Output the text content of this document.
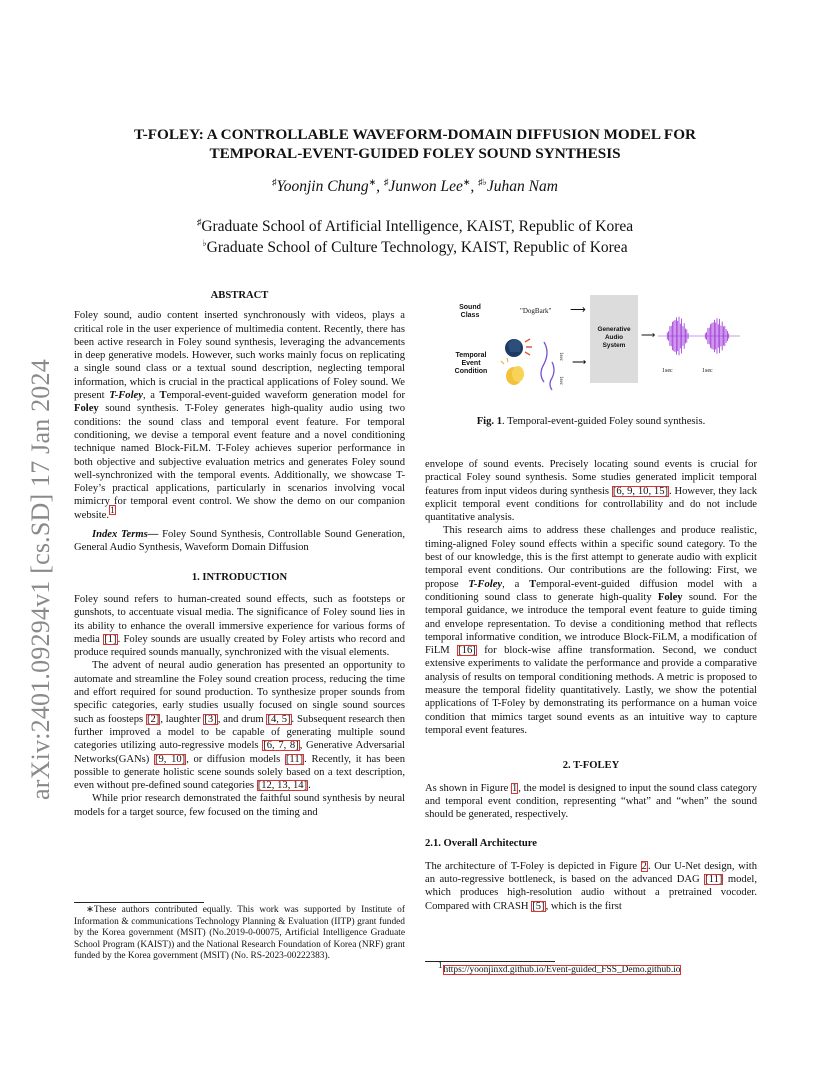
arXiv:2401.09294v1 [cs.SD] 17 Jan 2024
T-FOLEY: A CONTROLLABLE WAVEFORM-DOMAIN DIFFUSION MODEL FOR
TEMPORAL-EVENT-GUIDED FOLEY SOUND SYNTHESIS
♯Yoonjin Chung∗, ♯Junwon Lee∗, ♯♭Juhan Nam
♯Graduate School of Artificial Intelligence, KAIST, Republic of Korea
♭Graduate School of Culture Technology, KAIST, Republic of Korea

ABSTRACT

Foley sound, audio content inserted synchronously with videos, plays a critical role in the user experience of multimedia content. Recently, there has been active research in Foley sound synthesis, leveraging the advancements in deep generative models. However, such works mainly focus on replicating a single sound class or a textual sound description, neglecting temporal information, which is crucial in the practical applications of Foley sound. We present T-Foley, a Temporal-event-guided waveform generation model for Foley sound synthesis. T-Foley generates high-quality audio using two conditions: the sound class and temporal event feature. For temporal conditioning, we devise a temporal event feature and a novel conditioning technique named Block-FiLM. T-Foley achieves superior performance in both objective and subjective evaluation metrics and generates Foley sound well-synchronized with the temporal events. Additionally, we showcase T-Foley’s practical applications, particularly in scenarios involving vocal mimicry for temporal event control. We show the demo on our companion website.$^1$

Index Terms— Foley Sound Synthesis, Controllable Sound Generation, General Audio Synthesis, Waveform Domain Diffusion

1. INTRODUCTION

Foley sound refers to human-created sound effects, such as footsteps or gunshots, to accentuate visual media. The significance of Foley sound lies in its ability to enhance the overall immersive experience for various forms of media [1]. Foley sounds are usually created by Foley artists who record and produce required sounds manually, synchronized with the visual elements.

The advent of neural audio generation has presented an opportunity to automate and streamline the Foley sound creation process, reducing the time and effort required for sound production. To synthesize proper sounds from specific categories, early studies usually focused on single sound sources such as foosteps [2], laughter [3], and drum [4, 5]. Subsequent research then further improved a model to be capable of generating multiple sound categories utilizing auto-regressive models [6, 7, 8], Generative Adversarial Networks(GANs) [9, 10], or diffusion models [11]. Recently, it has been possible to generate holistic scene sounds solely based on a text description, even without pre-defined sound categories [12, 13, 14].

While prior research demonstrated the faithful sound synthesis by neural models for a target source, few focused on the timing and

∗These authors contributed equally. This work was supported by Institute of Information & communications Technology Planning & Evaluation (IITP) grant funded by the Korea government (MSIT) (No.2019-0-00075, Artificial Intelligence Graduate School Program (KAIST)) and the National Research Foundation of Korea (NRF) grant funded by the Korea government (MSIT) (No. RS-2023-00222383).
Sound
Class
"DogBark" ⟶
Temporal
Event
Condition
1sec
1sec
⟶
Generative
Audio
System
⟶
1sec	1sec
Fig. 1. Temporal-event-guided Foley sound synthesis.

envelope of sound events. Precisely locating sound events is crucial for practical Foley sound synthesis. Some studies generated implicit temporal features from input videos during synthesis [6, 9, 10, 15]. However, they lack explicit temporal event conditions for controllability and do not include quantitative analysis.

This research aims to address these challenges and produce realistic, timing-aligned Foley sound effects within a specific sound category. To the best of our knowledge, this is the first attempt to generate audio with explicit temporal event conditions. Our contributions are the following: First, we propose T-Foley, a Temporal-event-guided diffusion model with a conditioning sound class to generate high-quality Foley sound. For the temporal guidance, we introduce the temporal event feature to guide timing and envelope representation. To devise a conditioning method that reflects temporal informative condition, we introduce Block-FiLM, a modification of FiLM [16] for block-wise affine transformation. Second, we conduct extensive experiments to validate the performance and provide a comparative analysis of results on temporal conditioning methods. A metric is proposed to measure the temporal fidelity quantitatively. Lastly, we show the potential applications of T-Foley by demonstrating its performance on a human voice condition that mimics target sound events as an intuitive way to capture temporal event features.

2. T-FOLEY

As shown in Figure 1, the model is designed to input the sound class category and temporal event condition, representing “what” and “when” the sound should be generated, respectively.

2.1. Overall Architecture

The architecture of T-Foley is depicted in Figure 2. Our U-Net design, with an auto-regressive bottleneck, is based on the advanced DAG [11] model, which produces high-resolution audio without a pretrained vocoder. Compared with CRASH [5], which is the first

$^1$https://yoonjinxd.github.io/Event-guided_FSS_Demo.github.io
